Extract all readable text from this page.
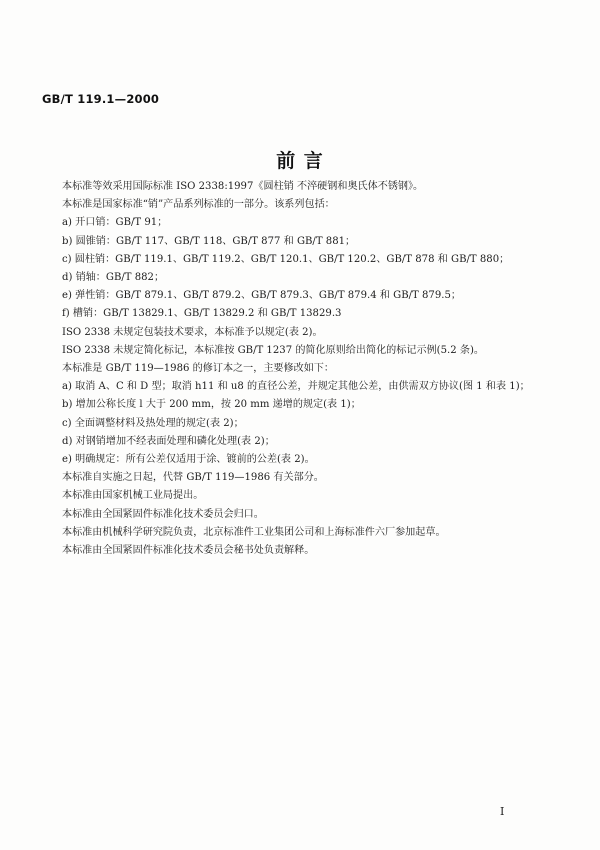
GB/T 119.1—2000
前 言
本标准等效采用国际标准 ISO 2338:1997《圆柱销 不淬硬钢和奥氏体不锈钢》。
本标准是国家标准“销”产品系列标准的一部分。该系列包括：
a) 开口销：GB/T 91；
b) 圆锥销：GB/T 117、GB/T 118、GB/T 877 和 GB/T 881；
c) 圆柱销：GB/T 119.1、GB/T 119.2、GB/T 120.1、GB/T 120.2、GB/T 878 和 GB/T 880；
d) 销轴：GB/T 882；
e) 弹性销：GB/T 879.1、GB/T 879.2、GB/T 879.3、GB/T 879.4 和 GB/T 879.5；
f) 槽销：GB/T 13829.1、GB/T 13829.2 和 GB/T 13829.3
ISO 2338 未规定包装技术要求，本标准予以规定(表 2)。
ISO 2338 未规定简化标记，本标准按 GB/T 1237 的简化原则给出简化的标记示例(5.2 条)。
本标准是 GB/T 119—1986 的修订本之一，主要修改如下：
a) 取消 A、C 和 D 型；取消 h11 和 u8 的直径公差，并规定其他公差，由供需双方协议(图 1 和表 1)；
b) 增加公称长度 l 大于 200 mm，按 20 mm 递增的规定(表 1)；
c) 全面调整材料及热处理的规定(表 2)；
d) 对钢销增加不经表面处理和磷化处理(表 2)；
e) 明确规定：所有公差仅适用于涂、镀前的公差(表 2)。
本标准自实施之日起，代替 GB/T 119—1986 有关部分。
本标准由国家机械工业局提出。
本标准由全国紧固件标准化技术委员会归口。
本标准由机械科学研究院负责，北京标准件工业集团公司和上海标准件六厂参加起草。
本标准由全国紧固件标准化技术委员会秘书处负责解释。
I
